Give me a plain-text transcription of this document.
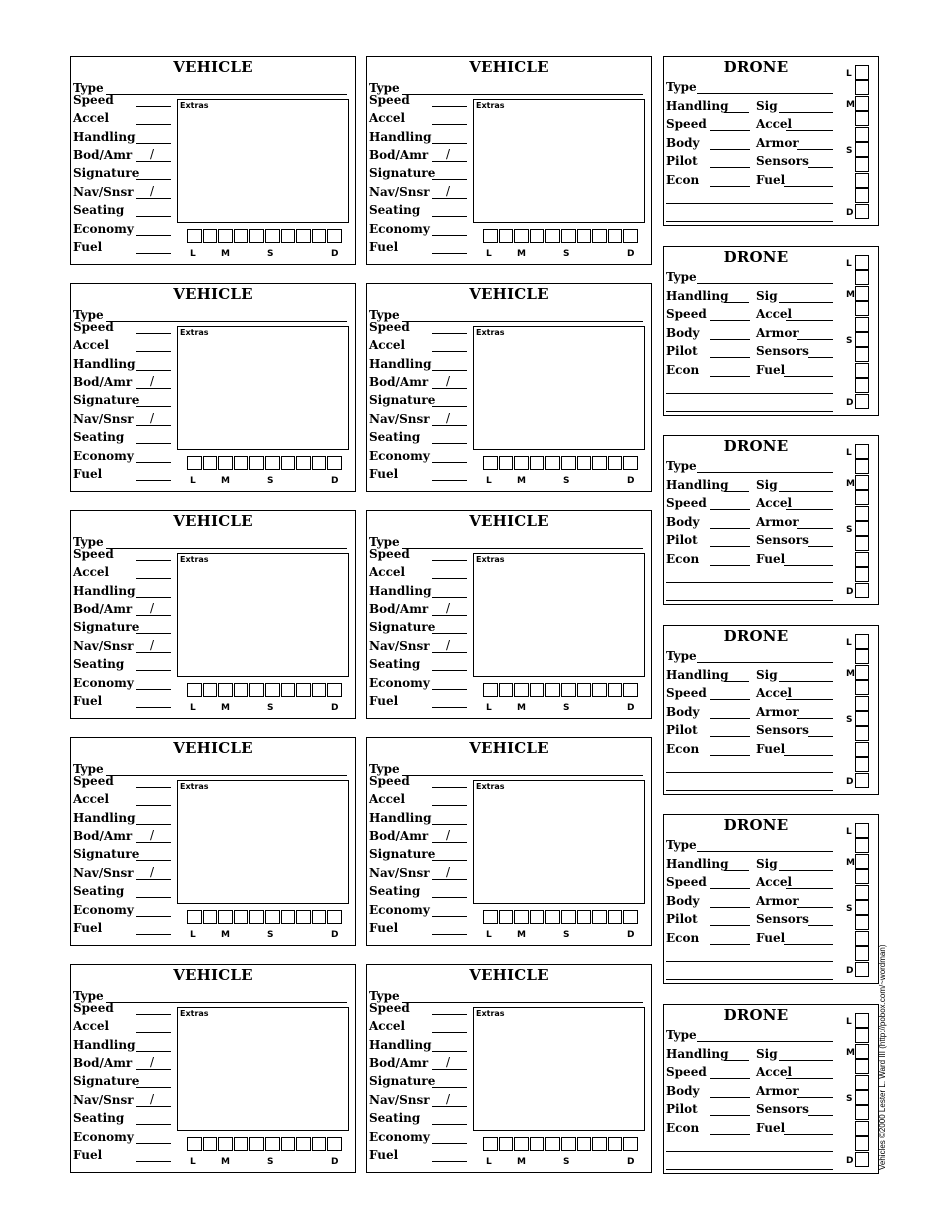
VEHICLE
Type
Speed
Accel
Handling
Bod/Amr /
Signature
Nav/Snsr /
Seating
Economy
Fuel
Extras
L	M	S	D
VEHICLE
Type
Speed
Accel
Handling
Bod/Amr /
Signature
Nav/Snsr /
Seating
Economy
Fuel
Extras
L	M	S	D
VEHICLE
Type
Speed
Accel
Handling
Bod/Amr /
Signature
Nav/Snsr /
Seating
Economy
Fuel
Extras
L	M	S	D
VEHICLE
Type
Speed
Accel
Handling
Bod/Amr /
Signature
Nav/Snsr /
Seating
Economy
Fuel
Extras
L	M	S	D
VEHICLE
Type
Speed
Accel
Handling
Bod/Amr /
Signature
Nav/Snsr /
Seating
Economy
Fuel
Extras
L	M	S	D
VEHICLE
Type
Speed
Accel
Handling
Bod/Amr /
Signature
Nav/Snsr /
Seating
Economy
Fuel
Extras
L	M	S	D
VEHICLE
Type
Speed
Accel
Handling
Bod/Amr /
Signature
Nav/Snsr /
Seating
Economy
Fuel
Extras
L	M	S	D
VEHICLE
Type
Speed
Accel
Handling
Bod/Amr /
Signature
Nav/Snsr /
Seating
Economy
Fuel
Extras
L	M	S	D
VEHICLE
Type
Speed
Accel
Handling
Bod/Amr /
Signature
Nav/Snsr /
Seating
Economy
Fuel
Extras
L	M	S	D
VEHICLE
Type
Speed
Accel
Handling
Bod/Amr /
Signature
Nav/Snsr /
Seating
Economy
Fuel
Extras
L	M	S	D
DRONE
Type
Handling Sig
Speed	Accel
Body	Armor
Pilot	Sensors
Econ	Fuel
L
M
S
D
DRONE
Type
Handling Sig
Speed	Accel
Body	Armor
Pilot	Sensors
Econ	Fuel
L
M
S
D
DRONE
Type
Handling Sig
Speed	Accel
Body	Armor
Pilot	Sensors
Econ	Fuel
L
M
S
D
DRONE
Type
Handling Sig
Speed	Accel
Body	Armor
Pilot	Sensors
Econ	Fuel
L
M
S
D
DRONE
Type
Handling Sig
Speed	Accel
Body	Armor
Pilot	Sensors
Econ	Fuel
L
M
S
D
DRONE
Type
Handling Sig
Speed	Accel
Body	Armor
Pilot	Sensors
Econ	Fuel
L
M
S
D	Vehicles ©2000 Lester L. Ward III (http://pobox.com/~wordman)
